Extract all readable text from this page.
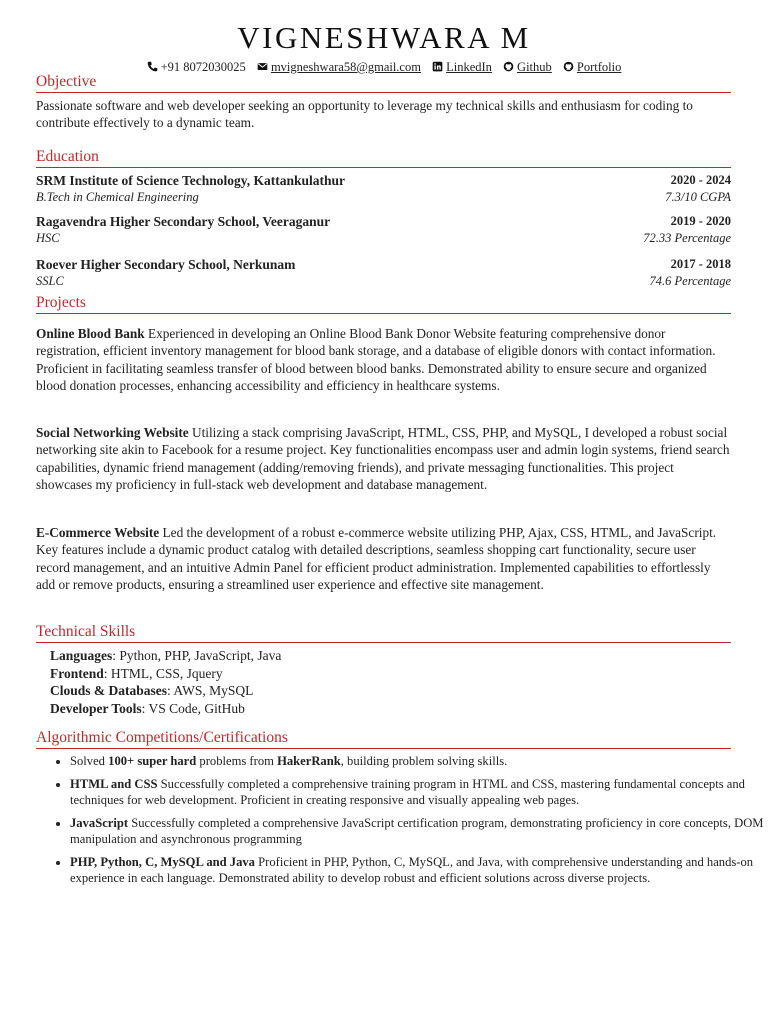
VIGNESHWARA M
+91 8072030025 mvigneshwara58@gmail.com LinkedIn Github Portfolio
Objective
Passionate software and web developer seeking an opportunity to leverage my technical skills and enthusiasm for coding to contribute effectively to a dynamic team.
Education
SRM Institute of Science Technology, Kattankulathur	2020 - 2024
B.Tech in Chemical Engineering	7.3/10 CGPA
Ragavendra Higher Secondary School, Veeraganur	2019 - 2020
HSC	72.33 Percentage
Roever Higher Secondary School, Nerkunam	2017 - 2018
SSLC	74.6 Percentage
Projects
Online Blood Bank Experienced in developing an Online Blood Bank Donor Website featuring comprehensive donor registration, efficient inventory management for blood bank storage, and a database of eligible donors with contact information. Proficient in facilitating seamless transfer of blood between blood banks. Demonstrated ability to ensure secure and organized blood donation processes, enhancing accessibility and efficiency in healthcare systems.
Social Networking Website Utilizing a stack comprising JavaScript, HTML, CSS, PHP, and MySQL, I developed a robust social networking site akin to Facebook for a resume project. Key functionalities encompass user and admin login systems, friend search capabilities, dynamic friend management (adding/removing friends), and private messaging functionalities. This project showcases my proficiency in full-stack web development and database management.
E-Commerce Website Led the development of a robust e-commerce website utilizing PHP, Ajax, CSS, HTML, and JavaScript. Key features include a dynamic product catalog with detailed descriptions, seamless shopping cart functionality, secure user record management, and an intuitive Admin Panel for efficient product administration. Implemented capabilities to effortlessly add or remove products, ensuring a streamlined user experience and effective site management.
Technical Skills
Languages: Python, PHP, JavaScript, Java
Frontend: HTML, CSS, Jquery
Clouds & Databases: AWS, MySQL
Developer Tools: VS Code, GitHub
Algorithmic Competitions/Certifications
• Solved 100+ super hard problems from HakerRank, building problem solving skills.
• HTML and CSS Successfully completed a comprehensive training program in HTML and CSS, mastering fundamental concepts and techniques for web development. Proficient in creating responsive and visually appealing web pages.
• JavaScript Successfully completed a comprehensive JavaScript certification program, demonstrating proficiency in core concepts, DOM manipulation and asynchronous programming
• PHP, Python, C, MySQL and Java Proficient in PHP, Python, C, MySQL, and Java, with comprehensive understanding and hands-on experience in each language. Demonstrated ability to develop robust and efficient solutions across diverse projects.
